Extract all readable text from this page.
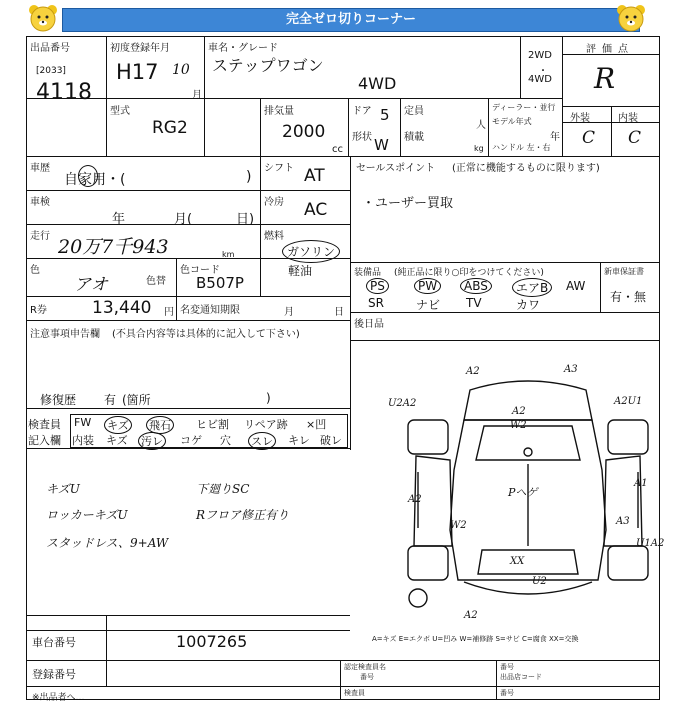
完全ゼロ切りコーナー
出品番号
[2033]
4118
初度登録年月
H17 10
月
車名・グレード
ステップワゴン
4WD
2WD
・
4WD
評価点
R
型式
RG2
排気量
2000
cc
ドア 5
形状 W
定員
人
積載
kg
ディーラー・並行
モデル年式
年
ハンドル 左・右
外装	内装
C C
車歴
自家用・(	)
シフト AT
車検
年	月(	日)
冷房 AC
走行 20万7千943	km
燃料
ガソリン
軽油
色
アオ	色替
色コード
B507P
R券	13,440 円 名変通知期限	月	日
セールスポイント (正常に機能するものに限ります)
・ユーザー買取
装備品 (純正品に限り○印をつけてください)
PS	PW	ABS	エアB	AW
SR	ナビ TV	カワ
新車保証書
有・無
後日品
注意事項申告欄 (不具合内容等は具体的に記入して下さい)
修復歴 有 (箇所	)
検査員
記入欄
FW キズ 飛石 ヒビ割 リペア跡 ×凹
内装 キズ 汚レ コゲ 穴 スレ キレ 破レ
キズU
ロッカーキズU
スタッドレス、9+AW
下廻りSC
Rフロア修正有り
A2	A3
U2A2	A2U1
A2
W2
Pヘゲ
A1
A2
W2	A3
U1A2
XX
U2
A2
A=キズ E=エクボ U=凹み W=補修跡 S=サビ C=腐食 XX=交換
車台番号	1007265
登録番号
認定検査員名
番号
検査員
番号
出品店コード
番号
※出品者へ…
